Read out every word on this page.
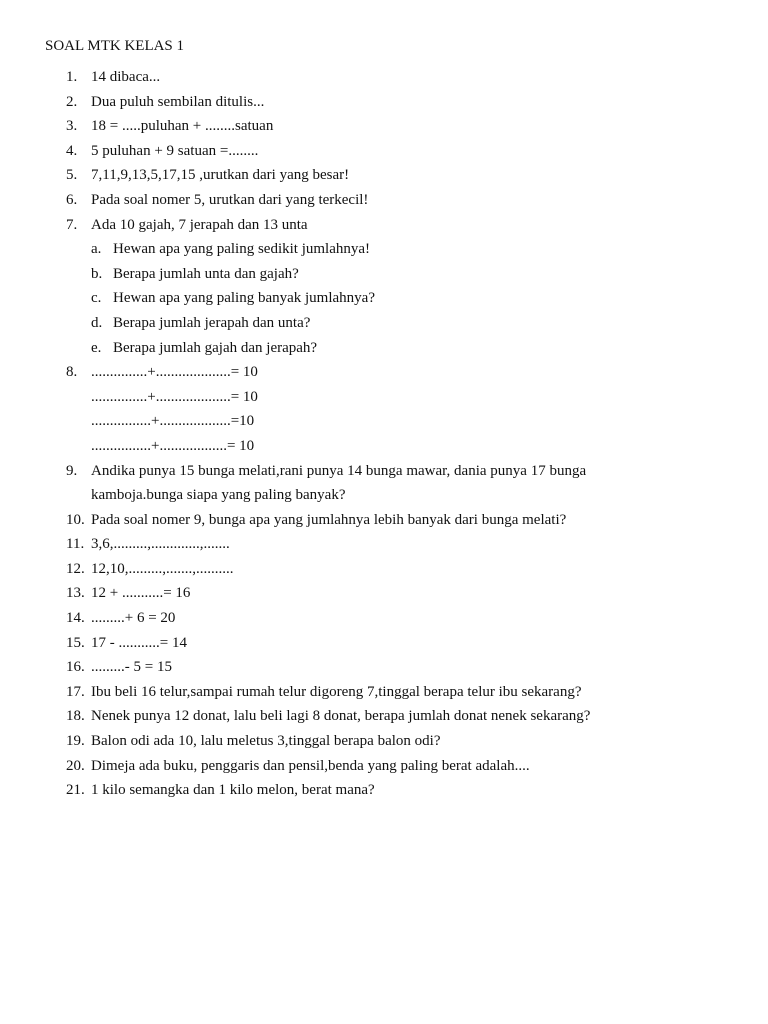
SOAL MTK KELAS 1
1. 14 dibaca...
2. Dua puluh sembilan ditulis...
3. 18 = .....puluhan + ........satuan
4. 5 puluhan + 9 satuan =........
5. 7,11,9,13,5,17,15 ,urutkan dari yang besar!
6. Pada soal nomer 5, urutkan dari yang terkecil!
7. Ada 10 gajah, 7 jerapah dan 13 unta
a. Hewan apa yang paling sedikit jumlahnya!
b. Berapa jumlah unta dan gajah?
c. Hewan apa yang paling banyak jumlahnya?
d. Berapa jumlah jerapah dan unta?
e. Berapa jumlah gajah dan jerapah?
8. ...............+....................= 10
...............+....................= 10
................+...................=10
................+..................= 10
9. Andika punya 15 bunga melati,rani punya 14 bunga mawar, dania punya 17 bunga
kamboja.bunga siapa yang paling banyak?
10. Pada soal nomer 9, bunga apa yang jumlahnya lebih banyak dari bunga melati?
11. 3,6,.........,.............,.......
12. 12,10,.........,.......,..........
13. 12 + ...........= 16
14. .........+ 6 = 20
15. 17 - ...........= 14
16. .........- 5 = 15
17. Ibu beli 16 telur,sampai rumah telur digoreng 7,tinggal berapa telur ibu sekarang?
18. Nenek punya 12 donat, lalu beli lagi 8 donat, berapa jumlah donat nenek sekarang?
19. Balon odi ada 10, lalu meletus 3,tinggal berapa balon odi?
20. Dimeja ada buku, penggaris dan pensil,benda yang paling berat adalah....
21. 1 kilo semangka dan 1 kilo melon, berat mana?
